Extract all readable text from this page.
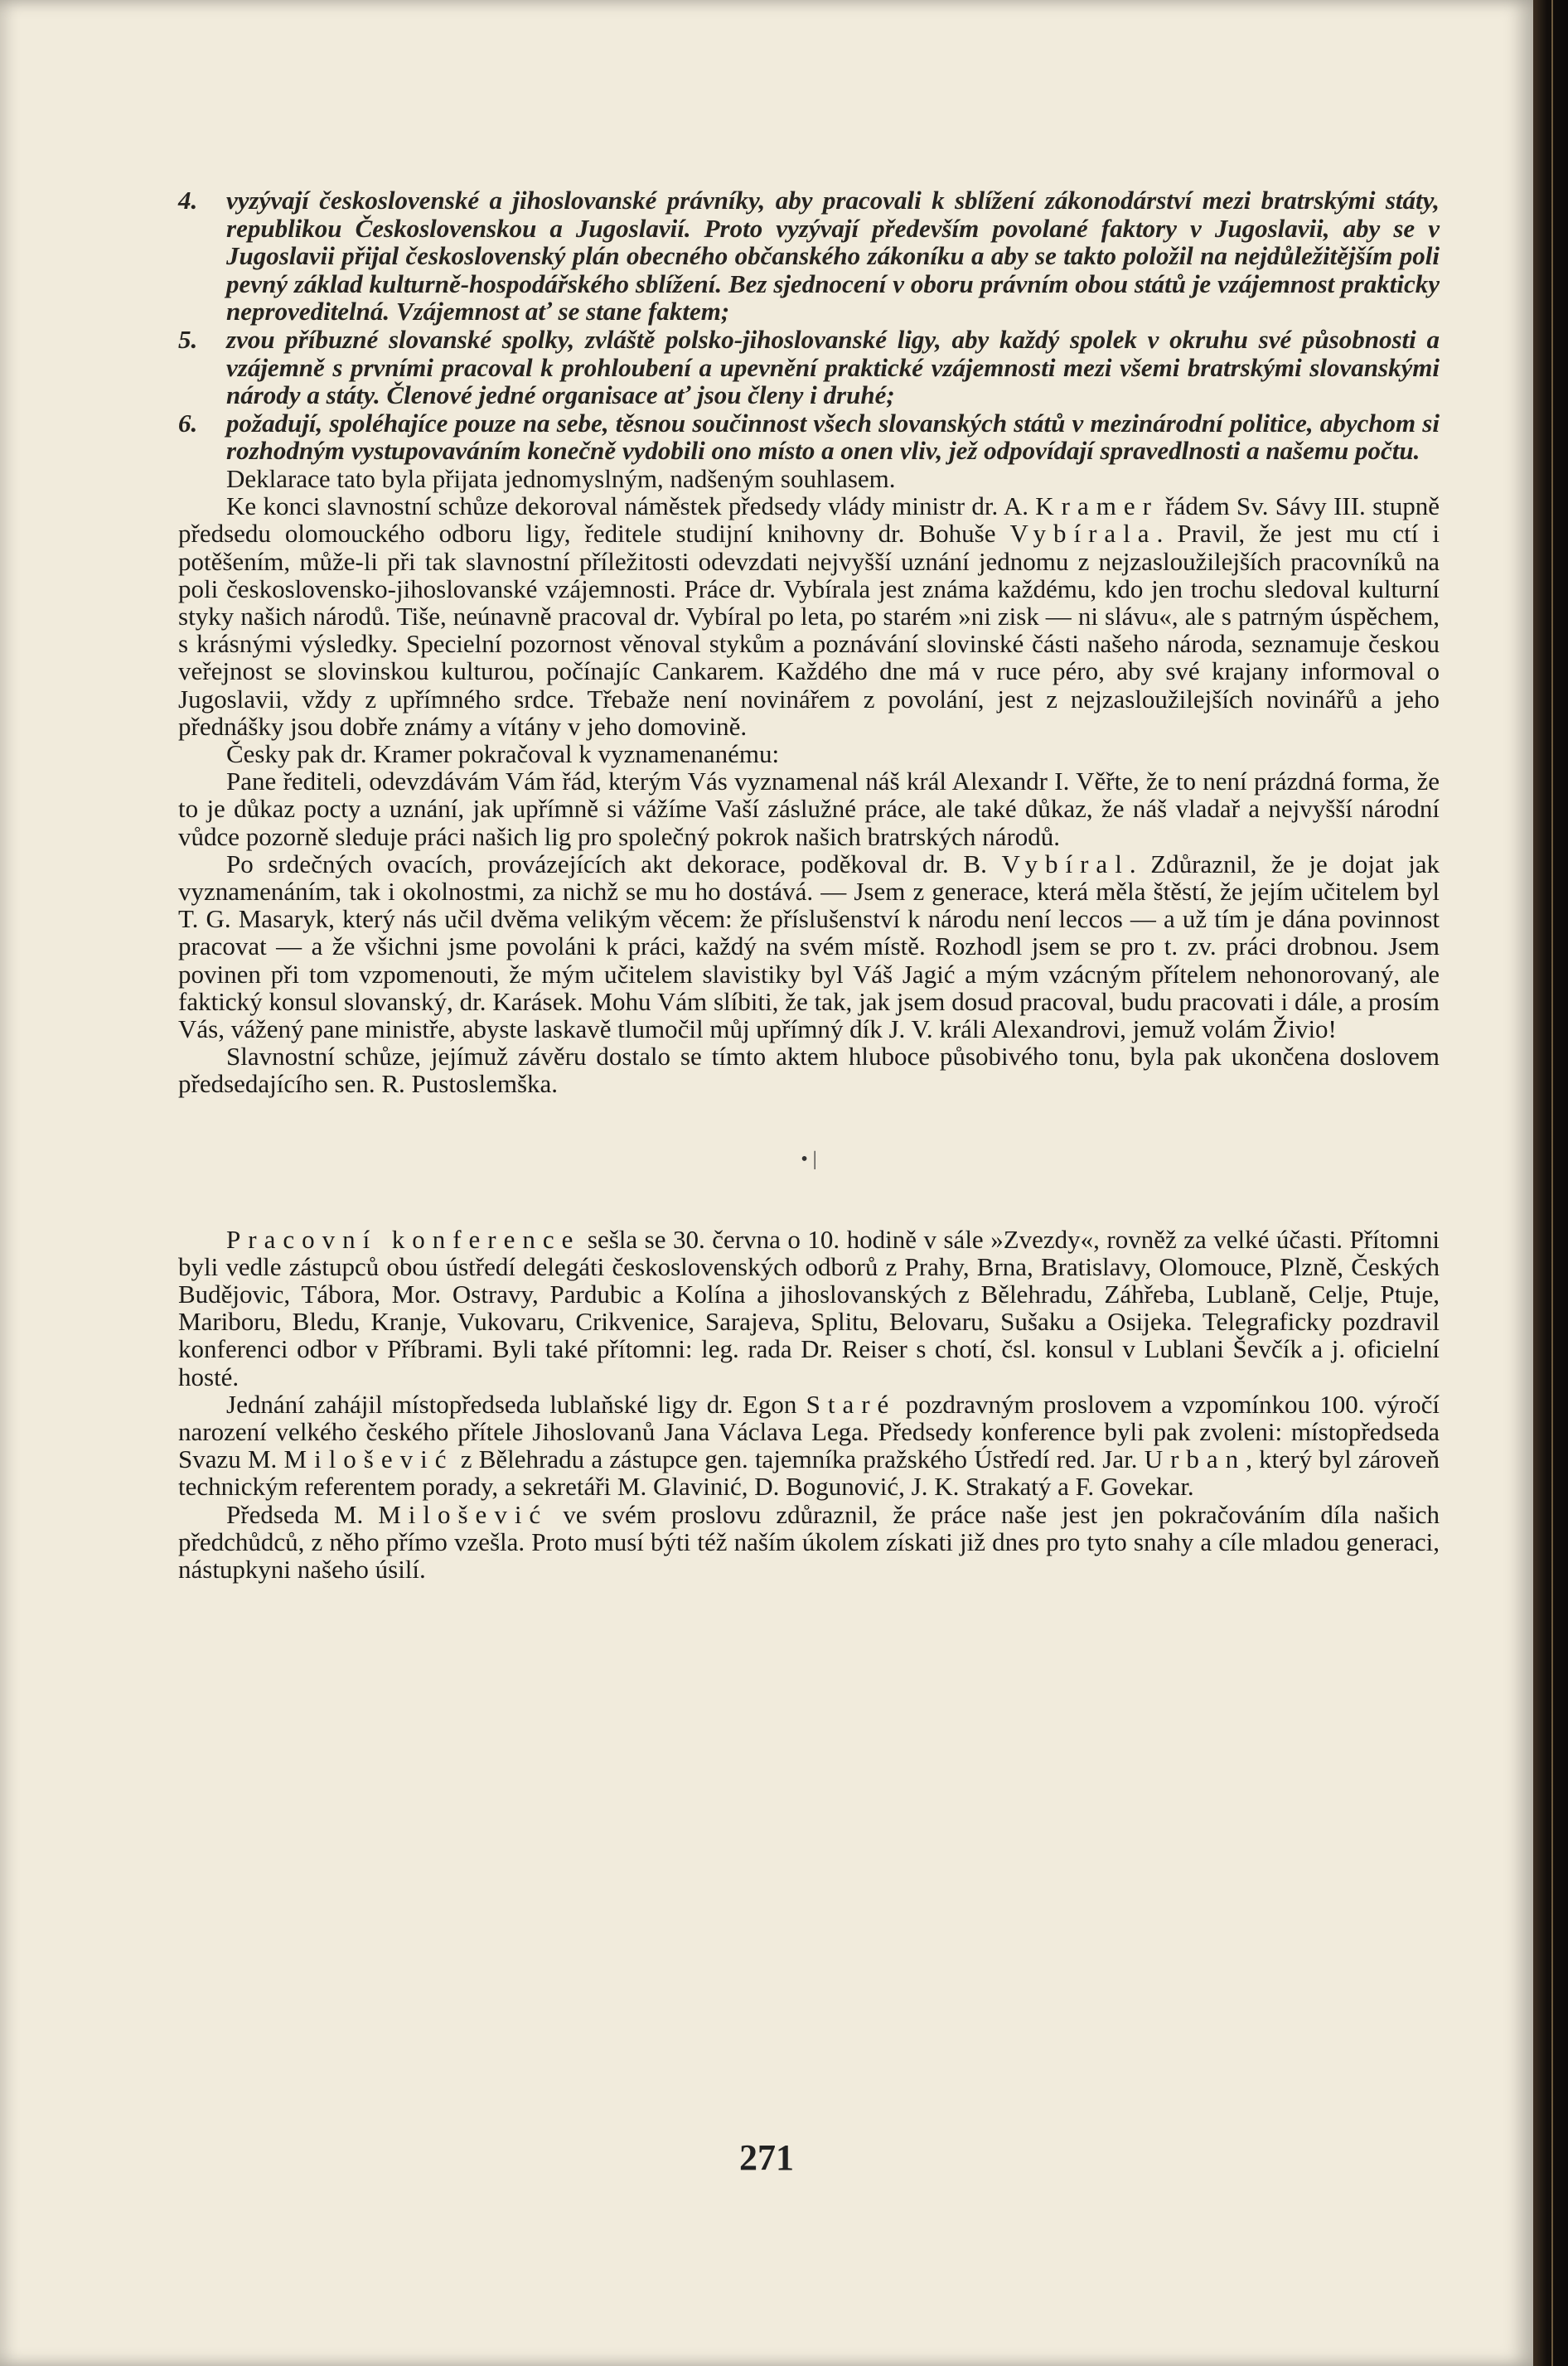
4. vyzývají československé a jihoslovanské právníky, aby pracovali k sblížení zákonodárství mezi bratrskými státy, republikou Československou a Jugoslavií. Proto vyzývají především povolané faktory v Jugoslavii, aby se v Jugoslavii přijal československý plán obecného občanského zákoníku a aby se takto položil na nejdůležitějším poli pevný základ kulturně-hospodářského sblížení. Bez sjednocení v oboru právním obou států je vzájemnost prakticky neproveditelná. Vzájemnost ať se stane faktem;
5. zvou příbuzné slovanské spolky, zvláště polsko-jihoslovanské ligy, aby každý spolek v okruhu své působnosti a vzájemně s prvními pracoval k prohloubení a upevnění praktické vzájemnosti mezi všemi bratrskými slovanskými národy a státy. Členové jedné organisace ať jsou členy i druhé;
6. požadují, spoléhajíce pouze na sebe, těsnou součinnost všech slovanských států v mezinárodní politice, abychom si rozhodným vystupovaváním konečně vydobili ono místo a onen vliv, jež odpovídají spravedlnosti a našemu počtu.

Deklarace tato byla přijata jednomyslným, nadšeným souhlasem.

Ke konci slavnostní schůze dekoroval náměstek předsedy vlády ministr dr. A. Kramer řádem Sv. Sávy III. stupně předsedu olomouckého odboru ligy, ředitele studijní knihovny dr. Bohuše Vybírala. Pravil, že jest mu ctí i potěšením, může-li při tak slavnostní příležitosti odevzdati nejvyšší uznání jednomu z nejzasloužilejších pracovníků na poli československo-jihoslovanské vzájemnosti. Práce dr. Vybírala jest známa každému, kdo jen trochu sledoval kulturní styky našich národů. Tiše, neúnavně pracoval dr. Vybíral po leta, po starém »ni zisk — ni slávu«, ale s patrným úspěchem, s krásnými výsledky. Specielní pozornost věnoval stykům a poznávání slovinské části našeho národa, seznamuje českou veřejnost se slovinskou kulturou, počínajíc Cankarem. Každého dne má v ruce péro, aby své krajany informoval o Jugoslavii, vždy z upřímného srdce. Třebaže není novinářem z povolání, jest z nejzasloužilejších novinářů a jeho přednášky jsou dobře známy a vítány v jeho domovině.

Česky pak dr. Kramer pokračoval k vyznamenanému:

Pane řediteli, odevzdávám Vám řád, kterým Vás vyznamenal náš král Alexandr I. Věřte, že to není prázdná forma, že to je důkaz pocty a uznání, jak upřímně si vážíme Vaší záslužné práce, ale také důkaz, že náš vladař a nejvyšší národní vůdce pozorně sleduje práci našich lig pro společný pokrok našich bratrských národů.

Po srdečných ovacích, provázejících akt dekorace, poděkoval dr. B. Vybíral. Zdůraznil, že je dojat jak vyznamenáním, tak i okolnostmi, za nichž se mu ho dostává. — Jsem z generace, která měla štěstí, že jejím učitelem byl T. G. Masaryk, který nás učil dvěma velikým věcem: že příslušenství k národu není leccos — a už tím je dána povinnost pracovat — a že všichni jsme povoláni k práci, každý na svém místě. Rozhodl jsem se pro t. zv. práci drobnou. Jsem povinen při tom vzpomenouti, že mým učitelem slavistiky byl Váš Jagić a mým vzácným přítelem nehonorovaný, ale faktický konsul slovanský, dr. Karásek. Mohu Vám slíbiti, že tak, jak jsem dosud pracoval, budu pracovati i dále, a prosím Vás, vážený pane ministře, abyste laskavě tlumočil můj upřímný dík J. V. králi Alexandrovi, jemuž volám Živio!

Slavnostní schůze, jejímuž závěru dostalo se tímto aktem hluboce působivého tonu, byla pak ukončena doslovem předsedajícího sen. R. Pustoslemška.

• |

Pracovní konference sešla se 30. června o 10. hodině v sále »Zvezdy«, rovněž za velké účasti. Přítomni byli vedle zástupců obou ústředí delegáti československých odborů z Prahy, Brna, Bratislavy, Olomouce, Plzně, Českých Budějovic, Tábora, Mor. Ostravy, Pardubic a Kolína a jihoslovanských z Bělehradu, Záhřeba, Lublaně, Celje, Ptuje, Mariboru, Bledu, Kranje, Vukovaru, Crikvenice, Sarajeva, Splitu, Belovaru, Sušaku a Osijeka. Telegraficky pozdravil konferenci odbor v Příbrami. Byli také přítomni: leg. rada Dr. Reiser s chotí, čsl. konsul v Lublani Ševčík a j. oficielní hosté.

Jednání zahájil místopředseda lublaňské ligy dr. Egon Staré pozdravným proslovem a vzpomínkou 100. výročí narození velkého českého přítele Jihoslovanů Jana Václava Lega. Předsedy konference byli pak zvoleni: místopředseda Svazu M. Milošević z Bělehradu a zástupce gen. tajemníka pražského Ústředí red. Jar. Urban, který byl zároveň technickým referentem porady, a sekretáři M. Glavinić, D. Bogunović, J. K. Strakatý a F. Govekar.

Předseda M. Milošević ve svém proslovu zdůraznil, že práce naše jest jen pokračováním díla našich předchůdců, z něho přímo vzešla. Proto musí býti též naším úkolem získati již dnes pro tyto snahy a cíle mladou generaci, nástupkyni našeho úsilí.

271
